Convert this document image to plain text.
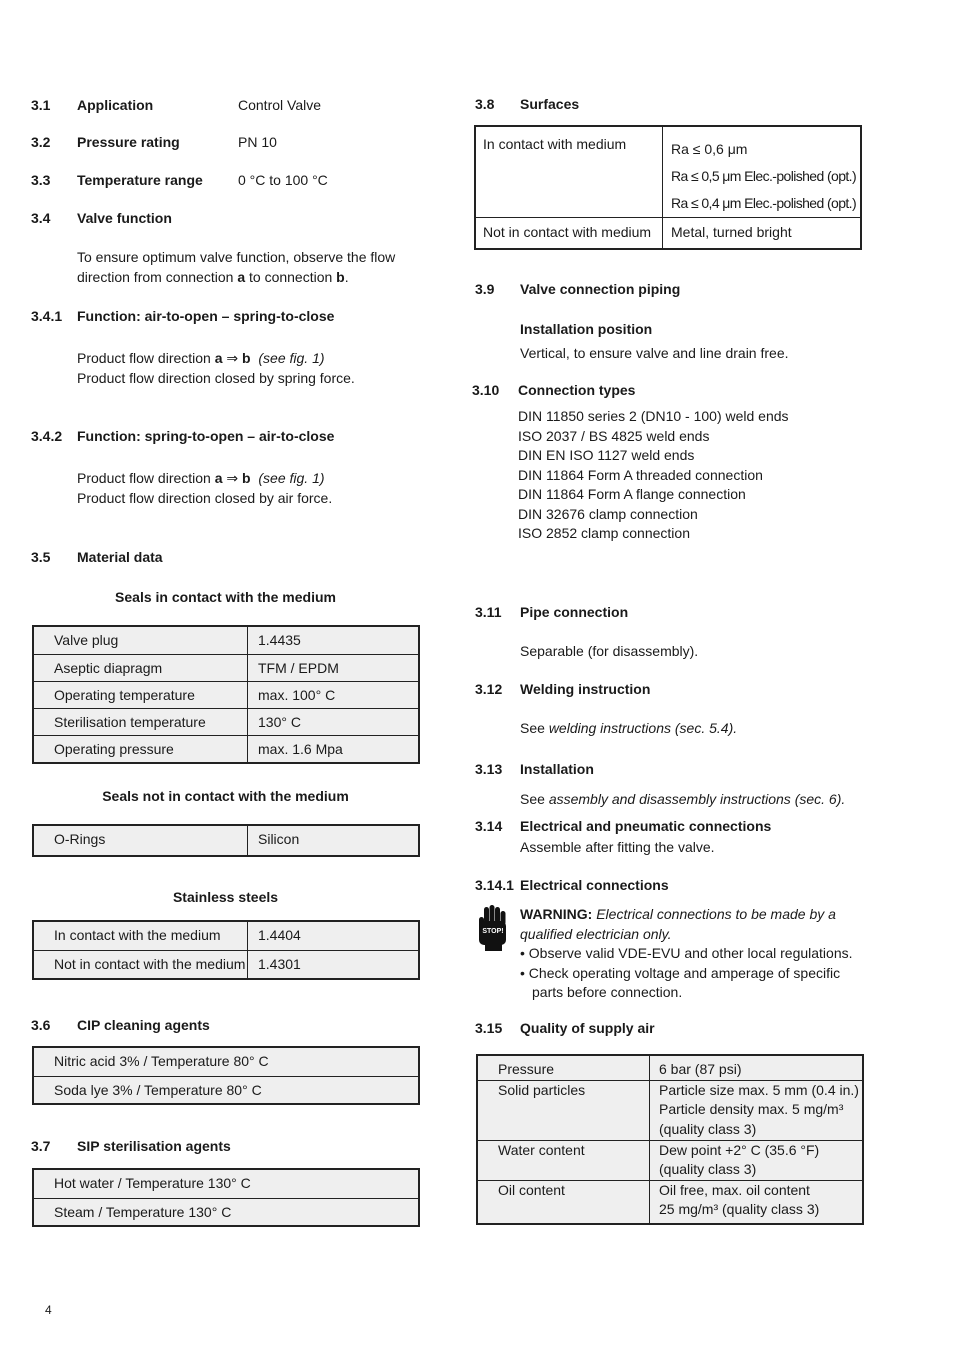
3.1 Application	Control Valve
3.2 Pressure rating	PN 10
3.3 Temperature range	0 °C to 100 °C
3.4 Valve function
To ensure optimum valve function, observe the flow
direction from connection a to connection b.
3.4.1 Function: air-to-open – spring-to-close
Product flow direction a ⇒ b (see fig. 1)
Product flow direction closed by spring force.
3.4.2 Function: spring-to-open – air-to-close
Product flow direction a ⇒ b (see fig. 1)
Product flow direction closed by air force.
3.5 Material data
Seals in contact with the medium
Valve plug	1.4435

Aseptic diapragm	TFM / EPDM

Operating temperature	max. 100° C

Sterilisation temperature	130° C

Operating pressure	max. 1.6 Mpa
Seals not in contact with the medium
O-Rings	Silicon
Stainless steels
In contact with the medium	1.4404

Not in contact with the medium	1.4301
3.6 CIP cleaning agents
Nitric acid 3% / Temperature 80° C

Soda lye 3% / Temperature 80° C
3.7 SIP sterilisation agents
Hot water / Temperature 130° C

Steam / Temperature 130° C
4
3.8 Surfaces
In contact with medium	Ra ≤ 0,6 μm
Ra ≤ 0,5 μm Elec.-polished (opt.)
Ra ≤ 0,4 μm Elec.-polished (opt.)

Not in contact with medium	Metal, turned bright
3.9 Valve connection piping
Installation position
Vertical, to ensure valve and line drain free.
3.10 Connection types
DIN 11850 series 2 (DN10 - 100) weld ends
ISO 2037 / BS 4825 weld ends
DIN EN ISO 1127 weld ends
DIN 11864 Form A threaded connection
DIN 11864 Form A flange connection
DIN 32676 clamp connection
ISO 2852 clamp connection
3.11 Pipe connection
Separable (for disassembly).
3.12 Welding instruction
See welding instructions (sec. 5.4).
3.13 Installation
See assembly and disassembly instructions (sec. 6).
3.14 Electrical and pneumatic connections
Assemble after fitting the valve.
3.14.1 Electrical connections
STOP!
WARNING: Electrical connections to be made by a
qualified electrician only.
• Observe valid VDE-EVU and other local regulations.
• Check operating voltage and amperage of specific
parts before connection.
3.15 Quality of supply air
Pressure	6 bar (87 psi)

Solid particles	Particle size max. 5 mm (0.4 in.)
Particle density max. 5 mg/m³
(quality class 3)

Water content	Dew point +2° C (35.6 °F)
(quality class 3)

Oil content	Oil free, max. oil content
25 mg/m³ (quality class 3)
